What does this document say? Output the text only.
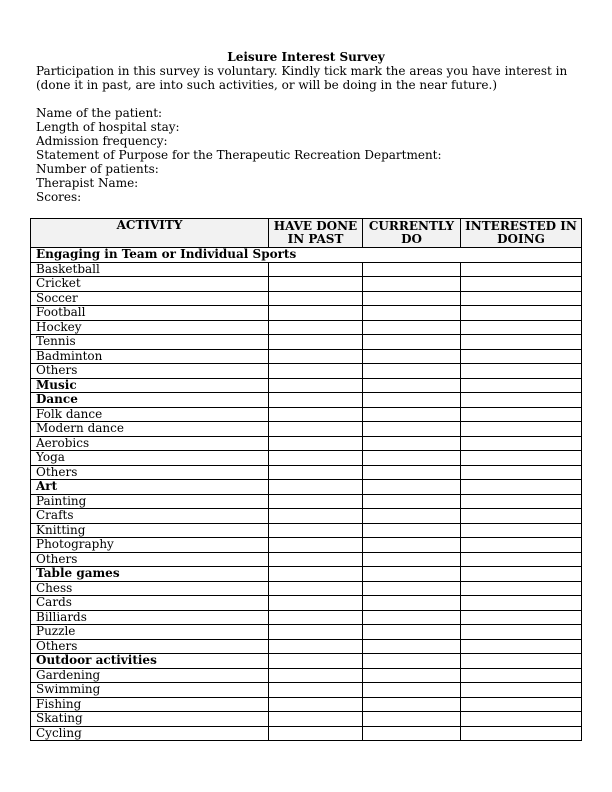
Leisure Interest Survey
Participation in this survey is voluntary. Kindly tick mark the areas you have interest in (done it in past, are into such activities, or will be doing in the near future.)
Name of the patient:
Length of hospital stay:
Admission frequency:
Statement of Purpose for the Therapeutic Recreation Department:
Number of patients:
Therapist Name:
Scores:
ACTIVITY	HAVE DONE IN PAST	CURRENTLY DO	INTERESTED IN DOING
Engaging in Team or Individual Sports			
Basketball			
Cricket			
Soccer			
Football			
Hockey			
Tennis			
Badminton			
Others			
Music			
Dance			
Folk dance			
Modern dance			
Aerobics			
Yoga			
Others			
Art			
Painting			
Crafts			
Knitting			
Photography			
Others			
Table games			
Chess			
Cards			
Billiards			
Puzzle			
Others			
Outdoor activities			
Gardening			
Swimming			
Fishing			
Skating			
Cycling			
